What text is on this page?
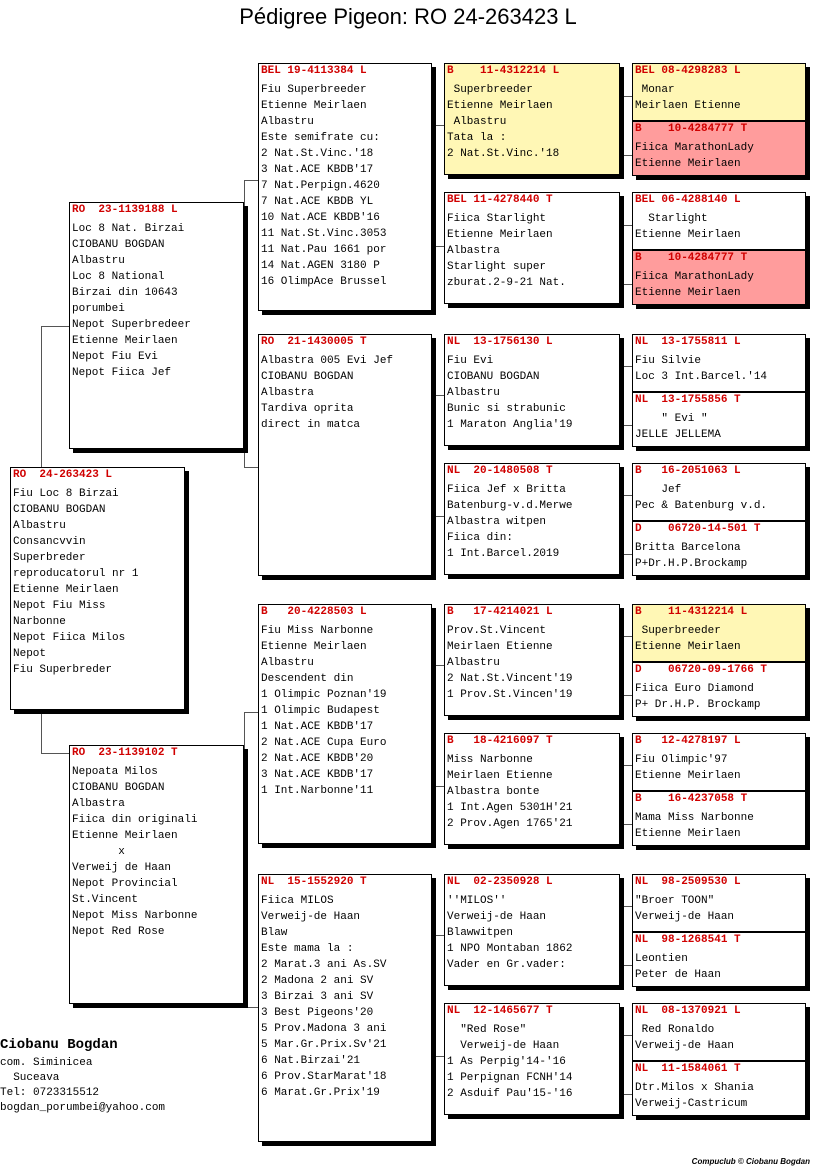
Pédigree Pigeon: RO 24-263423 L
RO  24-263423 L
Fiu Loc 8 Birzai
CIOBANU BOGDAN
Albastru
Consancvvin
Superbreder
reproducatorul nr 1
Etienne Meirlaen
Nepot Fiu Miss
Narbonne
Nepot Fiica Milos
Nepot
Fiu Superbreder
RO  23-1139188 L
Loc 8 Nat. Birzai
CIOBANU BOGDAN
Albastru
Loc 8 National
Birzai din 10643
porumbei
Nepot Superbredeer
Etienne Meirlaen
Nepot Fiu Evi
Nepot Fiica Jef
RO  23-1139102 T
Nepoata Milos
CIOBANU BOGDAN
Albastra
Fiica din originali
Etienne Meirlaen
x
Verweij de Haan
Nepot Provincial
St.Vincent
Nepot Miss Narbonne
Nepot Red Rose
BEL 19-4113384 L
Fiu Superbreeder
Etienne Meirlaen
Albastru
Este semifrate cu:
2 Nat.St.Vinc.'18
3 Nat.ACE KBDB'17
7 Nat.Perpign.4620
7 Nat.ACE KBDB YL
10 Nat.ACE KBDB'16
11 Nat.St.Vinc.3053
11 Nat.Pau 1661 por
14 Nat.AGEN 3180 P
16 OlimpAce Brussel
RO  21-1430005 T
Albastra 005 Evi Jef
CIOBANU BOGDAN
Albastra
Tardiva oprita
direct in matca
B   20-4228503 L
Fiu Miss Narbonne
Etienne Meirlaen
Albastru
Descendent din
1 Olimpic Poznan'19
1 Olimpic Budapest
1 Nat.ACE KBDB'17
2 Nat.ACE Cupa Euro
2 Nat.ACE KBDB'20
3 Nat.ACE KBDB'17
1 Int.Narbonne'11
NL  15-1552920 T
Fiica MILOS
Verweij-de Haan
Blaw
Este mama la :
2 Marat.3 ani As.SV
2 Madona 2 ani SV
3 Birzai 3 ani SV
3 Best Pigeons'20
5 Prov.Madona 3 ani
5 Mar.Gr.Prix.Sv'21
6 Nat.Birzai'21
6 Prov.StarMarat'18
6 Marat.Gr.Prix'19
B    11-4312214 L
Superbreeder
Etienne Meirlaen
Albastru
Tata la :
2 Nat.St.Vinc.'18
BEL 11-4278440 T
Fiica Starlight
Etienne Meirlaen
Albastra
Starlight super
zburat.2-9-21 Nat.
NL  13-1756130 L
Fiu Evi
CIOBANU BOGDAN
Albastru
Bunic si strabunic
1 Maraton Anglia'19
NL  20-1480508 T
Fiica Jef x Britta
Batenburg-v.d.Merwe
Albastra witpen
Fiica din:
1 Int.Barcel.2019
B   17-4214021 L
Prov.St.Vincent
Meirlaen Etienne
Albastru
2 Nat.St.Vincent'19
1 Prov.St.Vincen'19
B   18-4216097 T
Miss Narbonne
Meirlaen Etienne
Albastra bonte
1 Int.Agen 5301H'21
2 Prov.Agen 1765'21
NL  02-2350928 L
''MILOS''
Verweij-de Haan
Blawwitpen
1 NPO Montaban 1862
Vader en Gr.vader:
NL  12-1465677 T
"Red Rose"
Verweij-de Haan
1 As Perpig'14-'16
1 Perpignan FCNH'14
2 Asduif Pau'15-'16
BEL 08-4298283 L
Monar
Meirlaen Etienne
B    10-4284777 T
Fiica MarathonLady
Etienne Meirlaen
BEL 06-4288140 L
Starlight
Etienne Meirlaen
B    10-4284777 T
Fiica MarathonLady
Etienne Meirlaen
NL  13-1755811 L
Fiu Silvie
Loc 3 Int.Barcel.'14
NL  13-1755856 T
" Evi "
JELLE JELLEMA
B   16-2051063 L
Jef
Pec & Batenburg v.d.
D    06720-14-501 T
Britta Barcelona
P+Dr.H.P.Brockamp
B    11-4312214 L
Superbreeder
Etienne Meirlaen
D    06720-09-1766 T
Fiica Euro Diamond
P+ Dr.H.P. Brockamp
B   12-4278197 L
Fiu Olimpic'97
Etienne Meirlaen
B    16-4237058 T
Mama Miss Narbonne
Etienne Meirlaen
NL  98-2509530 L
"Broer TOON"
Verweij-de Haan
NL  98-1268541 T
Leontien
Peter de Haan
NL  08-1370921 L
Red Ronaldo
Verweij-de Haan
NL  11-1584061 T
Dtr.Milos x Shania
Verweij-Castricum
Ciobanu Bogdan
com. Siminicea
Suceava
Tel: 0723315512
bogdan_porumbei@yahoo.com
Compuclub © Ciobanu Bogdan
